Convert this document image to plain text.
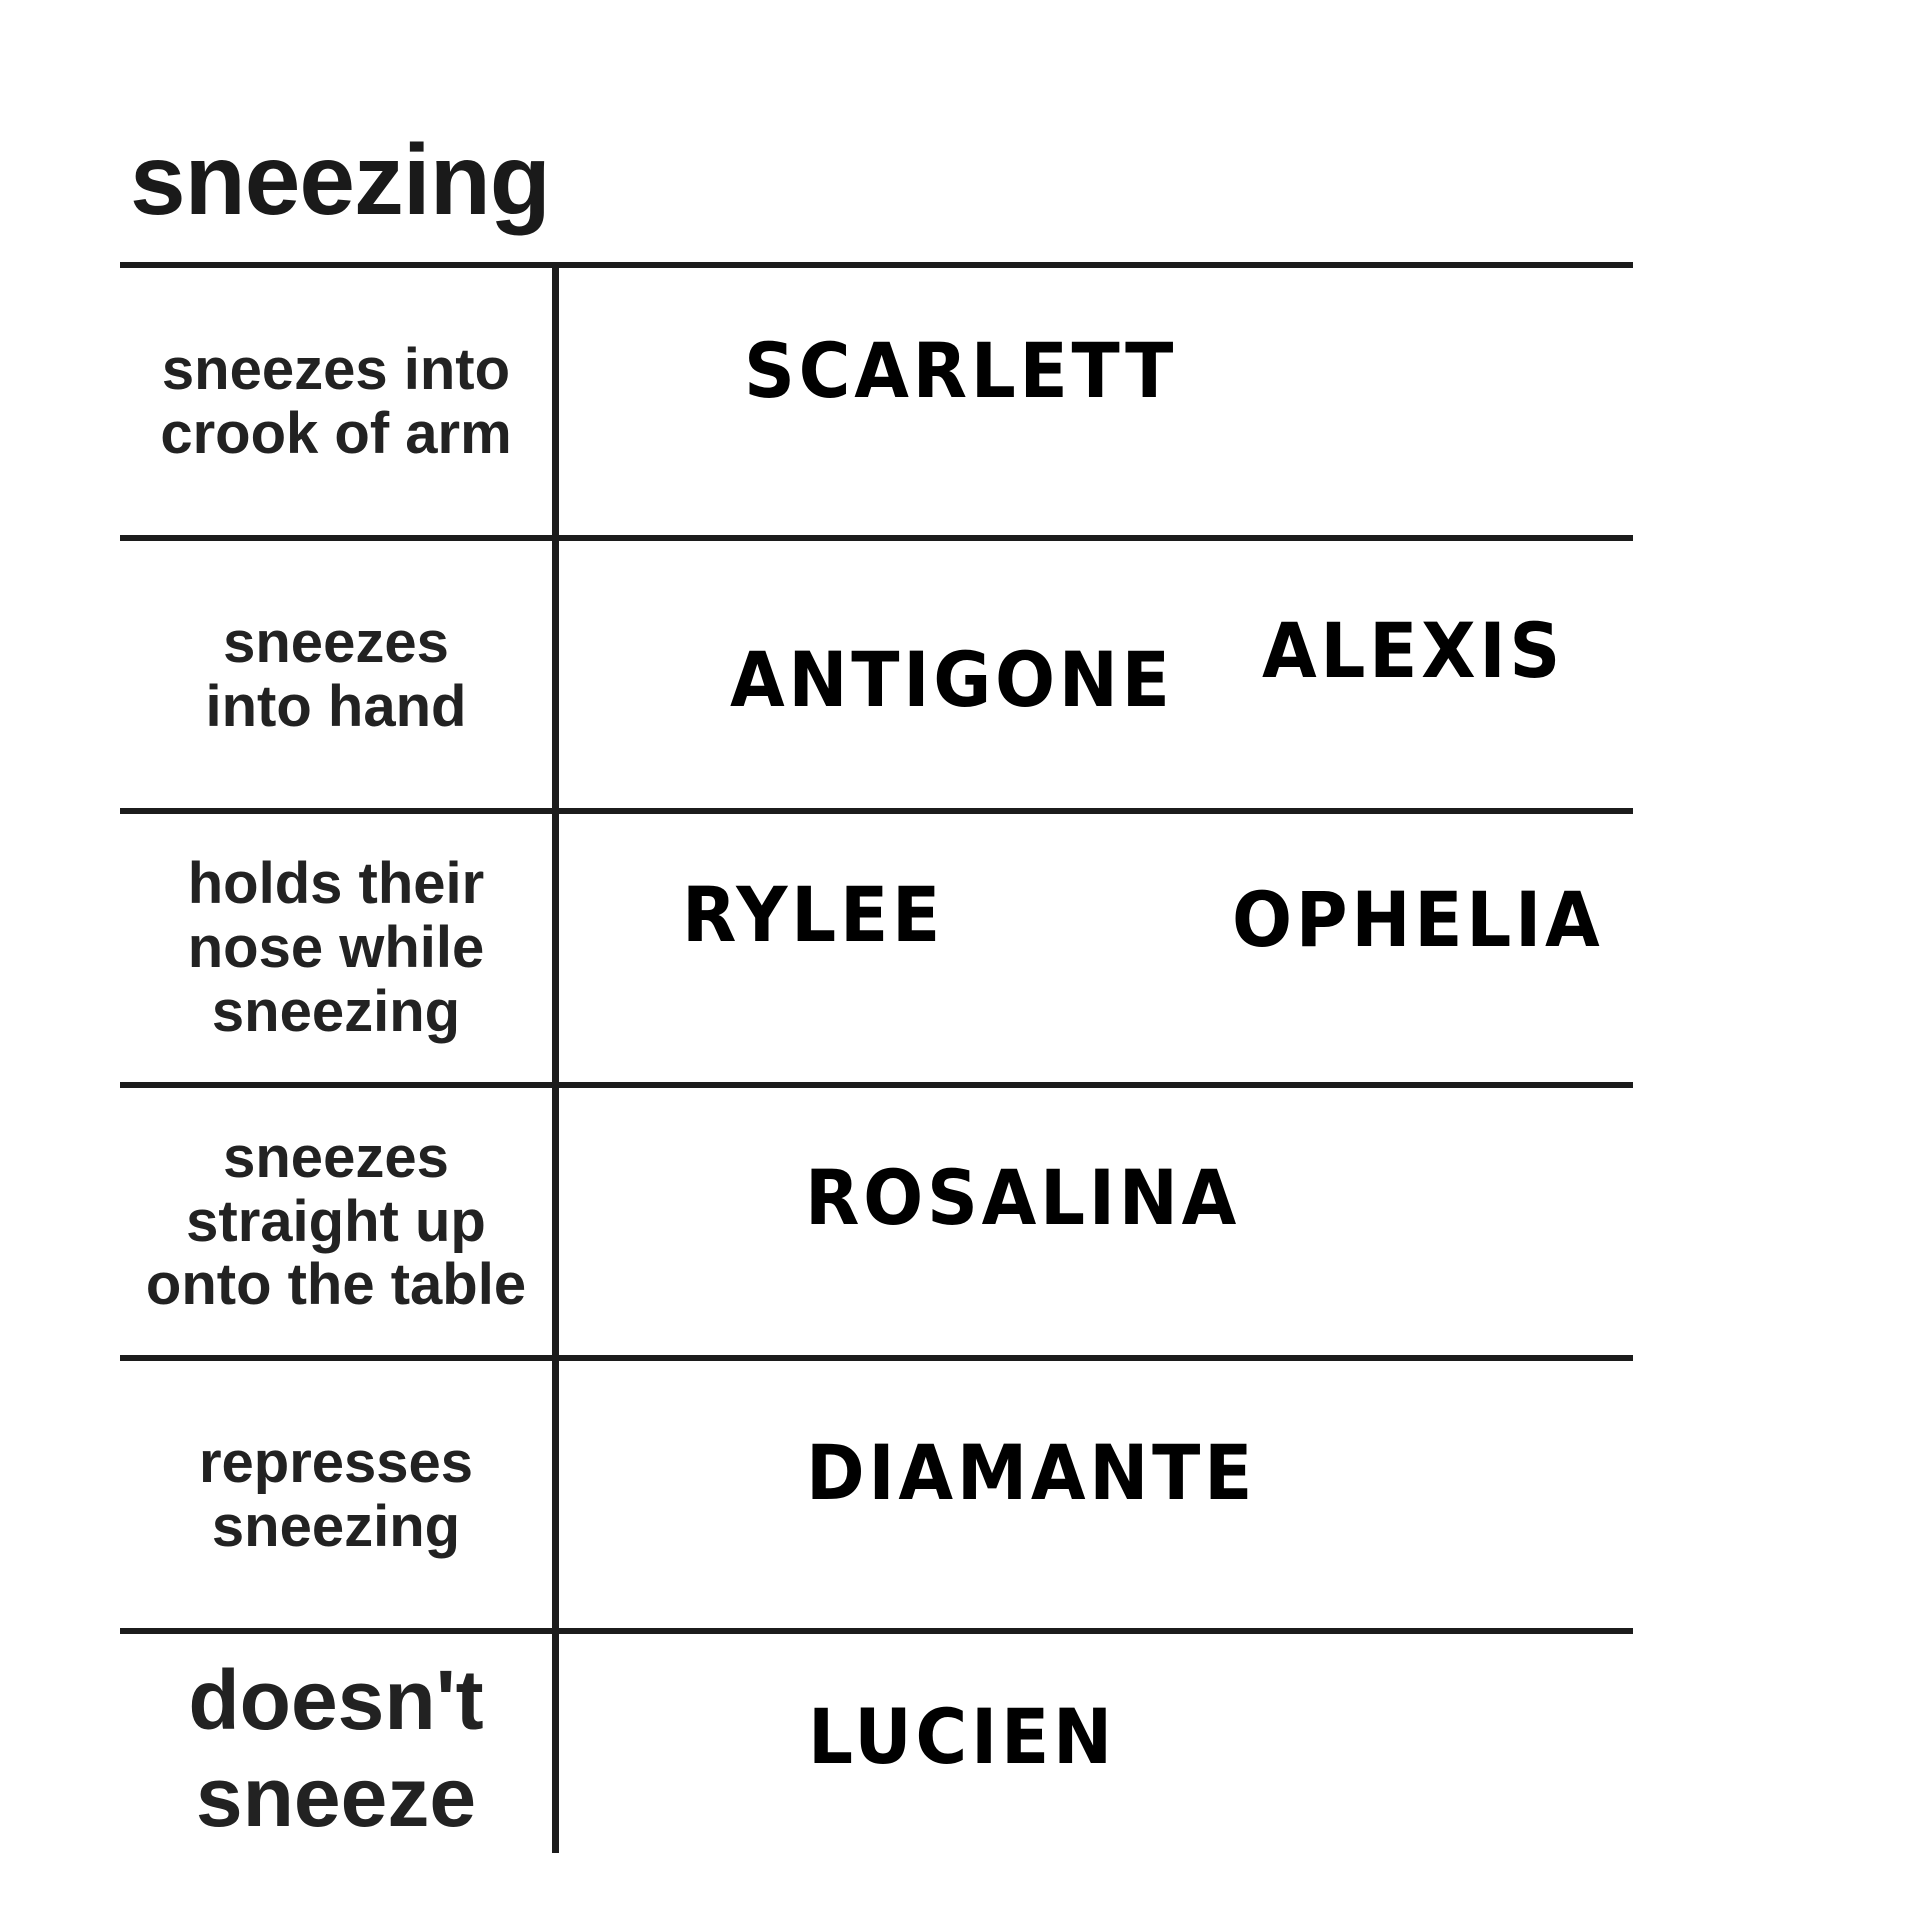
sneezing
sneezes into
crook of arm
sneezes
into hand
holds their
nose while
sneezing
sneezes
straight up
onto the table
represses
sneezing
doesn't
sneeze
SCARLETT
ANTIGONE ALEXIS
RYLEE	OPHELIA
ROSALINA
DIAMANTE
LUCIEN
